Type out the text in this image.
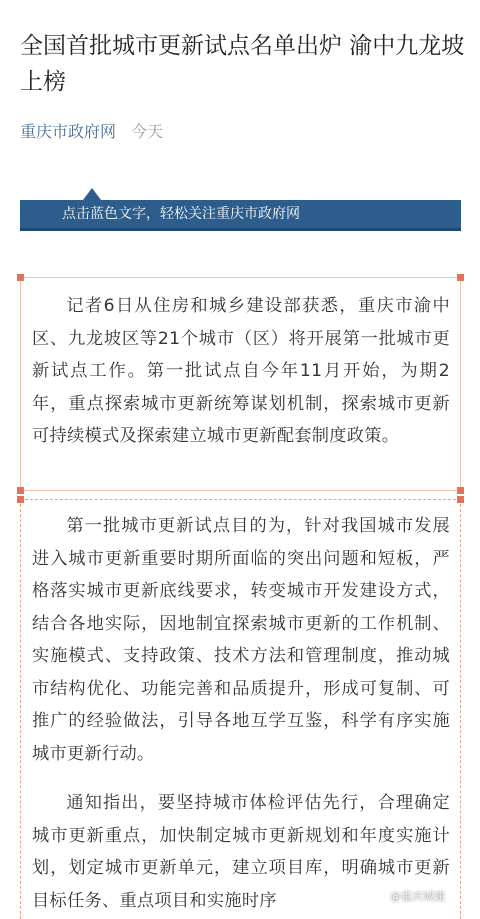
全国首批城市更新试点名单出炉 渝中九龙坡上榜
重庆市政府网 今天
点击蓝色文字，轻松关注重庆市政府网

记者6日从住房和城乡建设部获悉，重庆市渝中区、九龙坡区等21个城市（区）将开展第一批城市更新试点工作。第一批试点自今年11月开始，为期2年，重点探索城市更新统筹谋划机制，探索城市更新可持续模式及探索建立城市更新配套制度政策。

第一批城市更新试点目的为，针对我国城市发展进入城市更新重要时期所面临的突出问题和短板，严格落实城市更新底线要求，转变城市开发建设方式，结合各地实际，因地制宜探索城市更新的工作机制、实施模式、支持政策、技术方法和管理制度，推动城市结构优化、功能完善和品质提升，形成可复制、可推广的经验做法，引导各地互学互鉴，科学有序实施城市更新行动。

通知指出，要坚持城市体检评估先行，合理确定城市更新重点，加快制定城市更新规划和年度实施计划，划定城市更新单元，建立项目库，明确城市更新目标任务、重点项目和实施时序	@重庆城建
